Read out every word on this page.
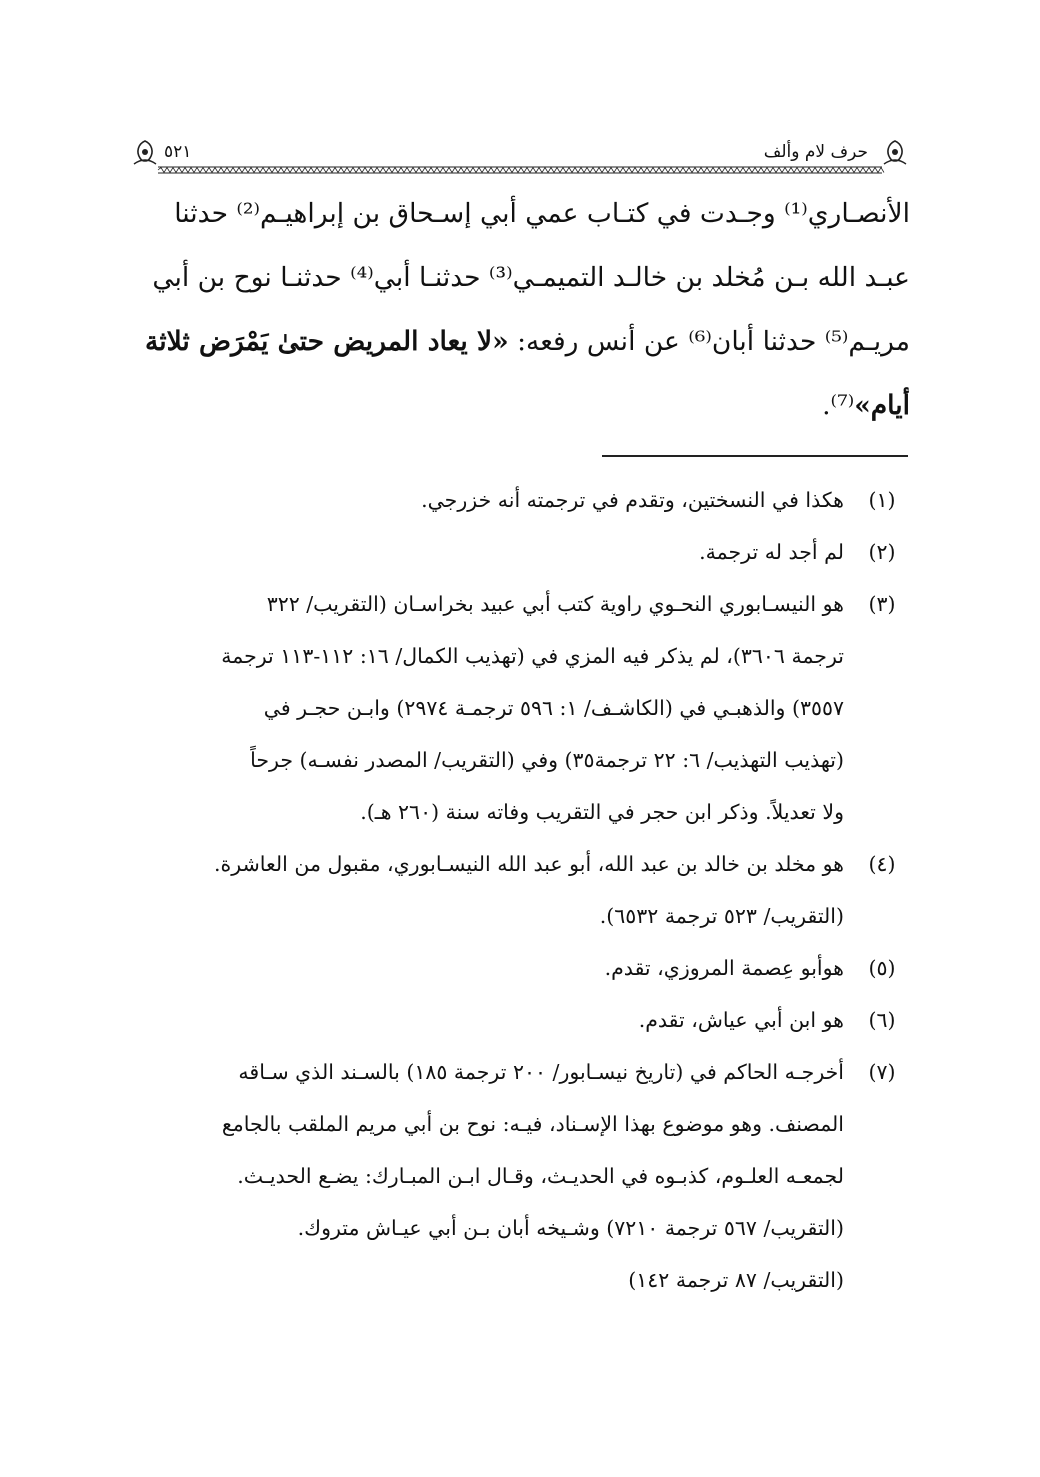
٥٢١	حرف لام وألف
الأنصـاري⁽¹⁾ وجـدت في كتـاب عمي أبي إسـحاق بن إبراهيـم⁽²⁾ حدثنا
عبـد الله بـن مُخلد بن خالـد التميمـي⁽³⁾ حدثنـا أبي⁽⁴⁾ حدثنـا نوح بن أبي
مريـم⁽⁵⁾ حدثنا أبان⁽⁶⁾ عن أنس رفعه: «لا يعاد المريض حتىٰ يَمْرَض ثلاثة
أيام»⁽⁷⁾.
(١)
هكذا في النسختين، وتقدم في ترجمته أنه خزرجي.
(٢)
لم أجد له ترجمة.
(٣)
هو النيسـابوري النحـوي راوية كتب أبي عبيد بخراسـان (التقريب/ ٣٢٢
ترجمة ٣٦٠٦)، لم يذكر فيه المزي في (تهذيب الكمال/ ١٦: ١١٢-١١٣ ترجمة
٣٥٥٧) والذهبـي في (الكاشـف/ ١: ٥٩٦ ترجمـة ٢٩٧٤) وابـن حجـر في
(تهذيب التهذيب/ ٦: ٢٢ ترجمة٣٥) وفي (التقريب/ المصدر نفسـه) جرحاً
ولا تعديلاً. وذكر ابن حجر في التقريب وفاته سنة (٢٦٠ هـ).
(٤)
هو مخلد بن خالد بن عبد الله، أبو عبد الله النيسـابوري، مقبول من العاشرة.
(التقريب/ ٥٢٣ ترجمة ٦٥٣٢).
(٥)
هوأبو عِصمة المروزي، تقدم.
(٦)
هو ابن أبي عياش، تقدم.
(٧)
أخرجـه الحاكم في (تاريخ نيسـابور/ ٢٠٠ ترجمة ١٨٥) بالسـند الذي سـاقه
المصنف. وهو موضوع بهذا الإسـناد، فيـه: نوح بن أبي مريم الملقب بالجامع
لجمعـه العلـوم، كذبـوه في الحديـث، وقـال ابـن المبـارك: يضـع الحديـث.
(التقريب/ ٥٦٧ ترجمة ٧٢١٠) وشـيخه أبان بـن أبي عيـاش متروك.
(التقريب/ ٨٧ ترجمة ١٤٢)
